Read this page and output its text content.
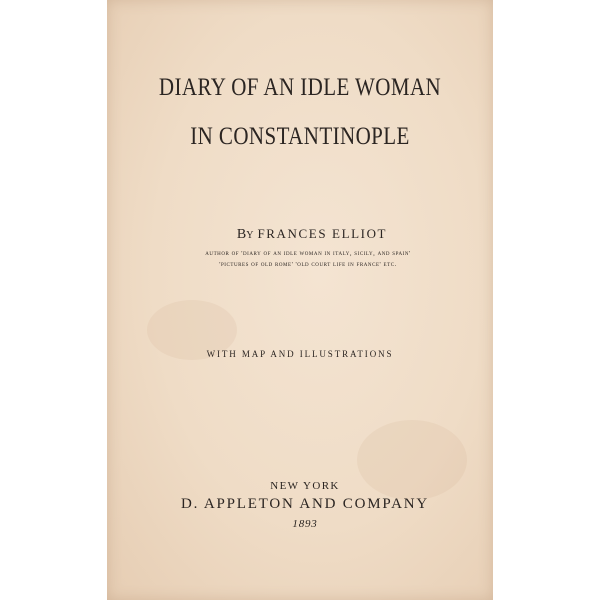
DIARY OF AN IDLE WOMAN
IN CONSTANTINOPLE
BY FRANCES ELLIOT
author of 'diary of an idle woman in italy, sicily, and spain'
'pictures of old rome' 'old court life in france' etc.
WITH MAP AND ILLUSTRATIONS
NEW YORK
D. APPLETON AND COMPANY
1893
